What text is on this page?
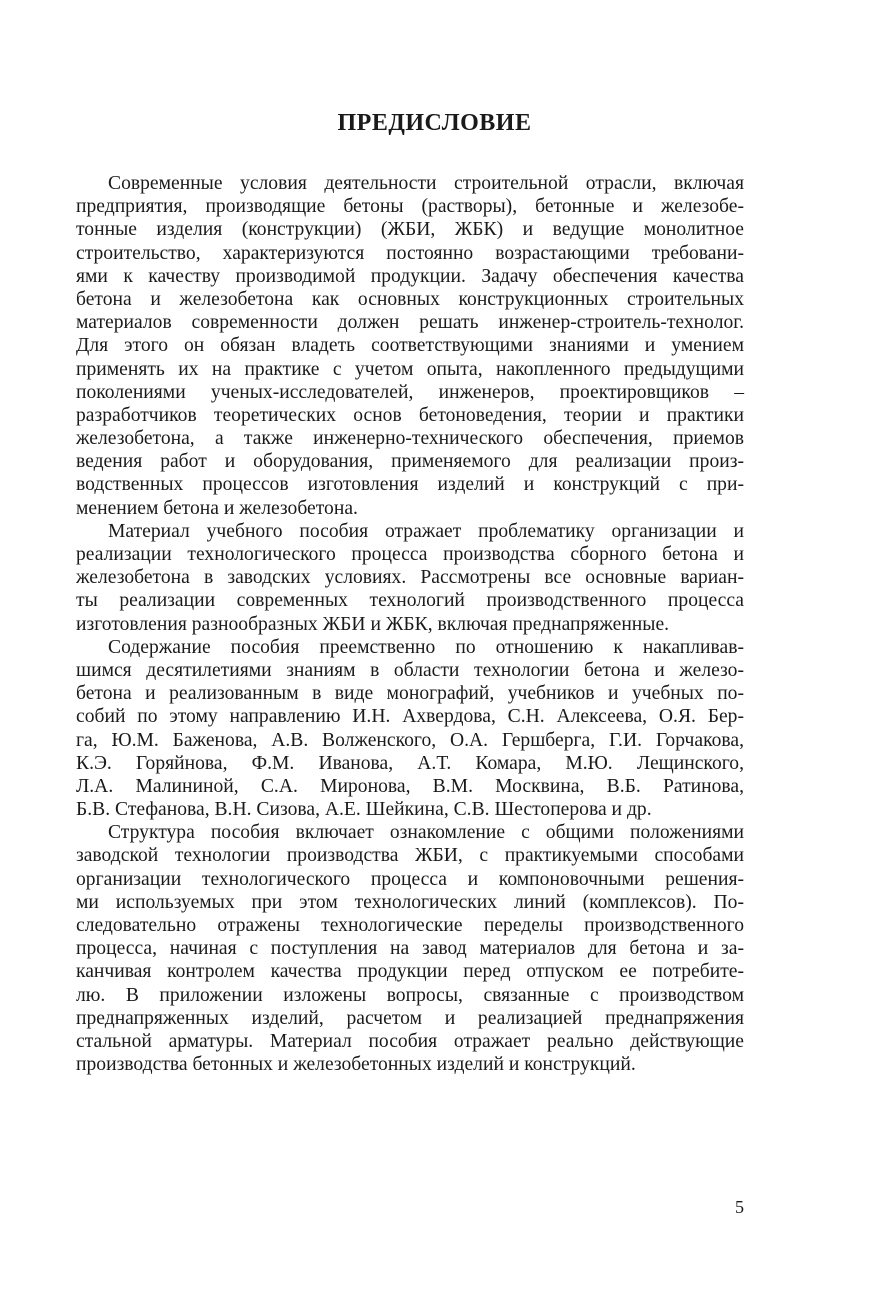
ПРЕДИСЛОВИЕ
Современные условия деятельности строительной отрасли, включая
предприятия, производящие бетоны (растворы), бетонные и железобе-
тонные изделия (конструкции) (ЖБИ, ЖБК) и ведущие монолитное
строительство, характеризуются постоянно возрастающими требовани-
ями к качеству производимой продукции. Задачу обеспечения качества
бетона и железобетона как основных конструкционных строительных
материалов современности должен решать инженер-строитель-технолог.
Для этого он обязан владеть соответствующими знаниями и умением
применять их на практике с учетом опыта, накопленного предыдущими
поколениями ученых-исследователей, инженеров, проектировщиков –
разработчиков теоретических основ бетоноведения, теории и практики
железобетона, а также инженерно-технического обеспечения, приемов
ведения работ и оборудования, применяемого для реализации произ-
водственных процессов изготовления изделий и конструкций с при-
менением бетона и железобетона.
Материал учебного пособия отражает проблематику организации и
реализации технологического процесса производства сборного бетона и
железобетона в заводских условиях. Рассмотрены все основные вариан-
ты реализации современных технологий производственного процесса
изготовления разнообразных ЖБИ и ЖБК, включая преднапряженные.
Содержание пособия преемственно по отношению к накапливав-
шимся десятилетиями знаниям в области технологии бетона и железо-
бетона и реализованным в виде монографий, учебников и учебных по-
собий по этому направлению И.Н. Ахвердова, С.Н. Алексеева, О.Я. Бер-
га, Ю.М. Баженова, А.В. Волженского, О.А. Гершберга, Г.И. Горчакова,
К.Э. Горяйнова, Ф.М. Иванова, А.Т. Комара, М.Ю. Лещинского,
Л.А. Малининой, С.А. Миронова, В.М. Москвина, В.Б. Ратинова,
Б.В. Стефанова, В.Н. Сизова, А.Е. Шейкина, С.В. Шестоперова и др.
Структура пособия включает ознакомление с общими положениями
заводской технологии производства ЖБИ, с практикуемыми способами
организации технологического процесса и компоновочными решения-
ми используемых при этом технологических линий (комплексов). По-
следовательно отражены технологические переделы производственного
процесса, начиная с поступления на завод материалов для бетона и за-
канчивая контролем качества продукции перед отпуском ее потребите-
лю. В приложении изложены вопросы, связанные с производством
преднапряженных изделий, расчетом и реализацией преднапряжения
стальной арматуры. Материал пособия отражает реально действующие
производства бетонных и железобетонных изделий и конструкций.
5
